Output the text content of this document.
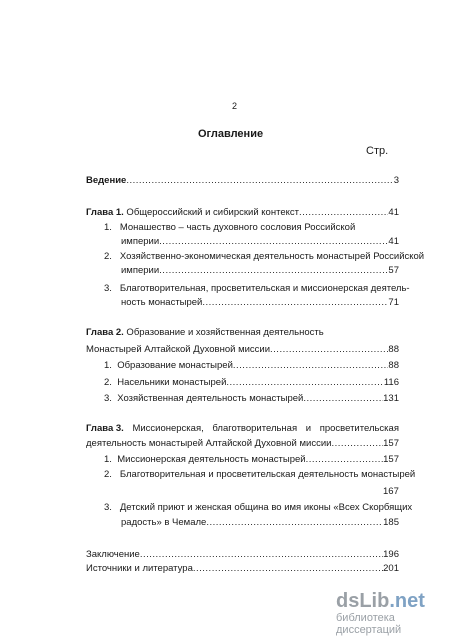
2
Оглавление
Стр.
Ведение .....	3
Глава 1. Общероссийский и сибирский контекст .....	41
1. Монашество – часть духовного сословия Российской
империи .....	41
2. Хозяйственно-экономическая деятельность монастырей Российской
империи .....	57
3. Благотворительная, просветительская и миссионерская деятель-
ность монастырей .....	71
Глава 2. Образование и хозяйственная деятельность
Монастырей Алтайской Духовной миссии .....	88
1.
Образование монастырей .....	88
2.
Насельники монастырей .....	116
3.
Хозяйственная деятельность монастырей .....	131
Глава 3. Миссионерская, благотворительная и просветительская
деятельность монастырей Алтайской Духовной миссии .....	157
1.
Миссионерская деятельность монастырей .....	157
2. Благотворительная и просветительская деятельность монастырей
167
3. Детский приют и женская община во имя иконы «Всех Скорбящих
радость» в Чемале .....	185
Заключение .....	196
Источники и литература .....	201
dsLib.net
библиотека диссертаций
